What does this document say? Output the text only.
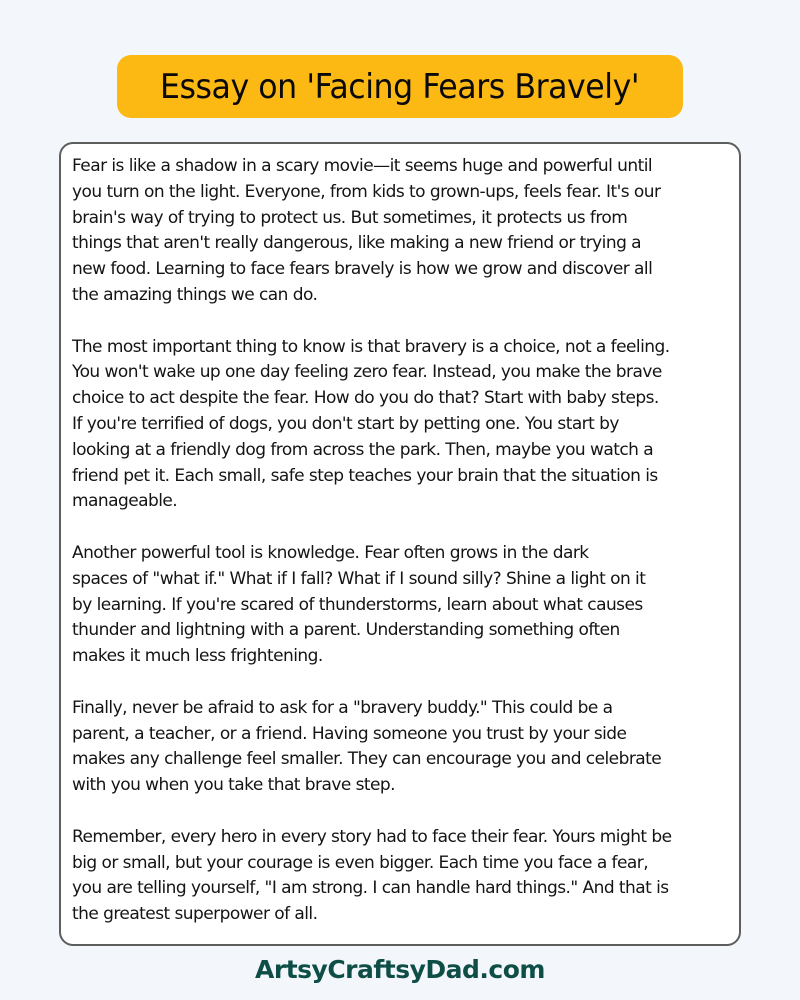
Essay on 'Facing Fears Bravely'

Fear is like a shadow in a scary movie—it seems huge and powerful until
you turn on the light. Everyone, from kids to grown-ups, feels fear. It's our
brain's way of trying to protect us. But sometimes, it protects us from
things that aren't really dangerous, like making a new friend or trying a
new food. Learning to face fears bravely is how we grow and discover all
the amazing things we can do.

The most important thing to know is that bravery is a choice, not a feeling.
You won't wake up one day feeling zero fear. Instead, you make the brave
choice to act despite the fear. How do you do that? Start with baby steps.
If you're terrified of dogs, you don't start by petting one. You start by
looking at a friendly dog from across the park. Then, maybe you watch a
friend pet it. Each small, safe step teaches your brain that the situation is
manageable.

Another powerful tool is knowledge. Fear often grows in the dark
spaces of "what if." What if I fall? What if I sound silly? Shine a light on it
by learning. If you're scared of thunderstorms, learn about what causes
thunder and lightning with a parent. Understanding something often
makes it much less frightening.

Finally, never be afraid to ask for a "bravery buddy." This could be a
parent, a teacher, or a friend. Having someone you trust by your side
makes any challenge feel smaller. They can encourage you and celebrate
with you when you take that brave step.

Remember, every hero in every story had to face their fear. Yours might be
big or small, but your courage is even bigger. Each time you face a fear,
you are telling yourself, "I am strong. I can handle hard things." And that is
the greatest superpower of all.

ArtsyCraftsyDad.com
